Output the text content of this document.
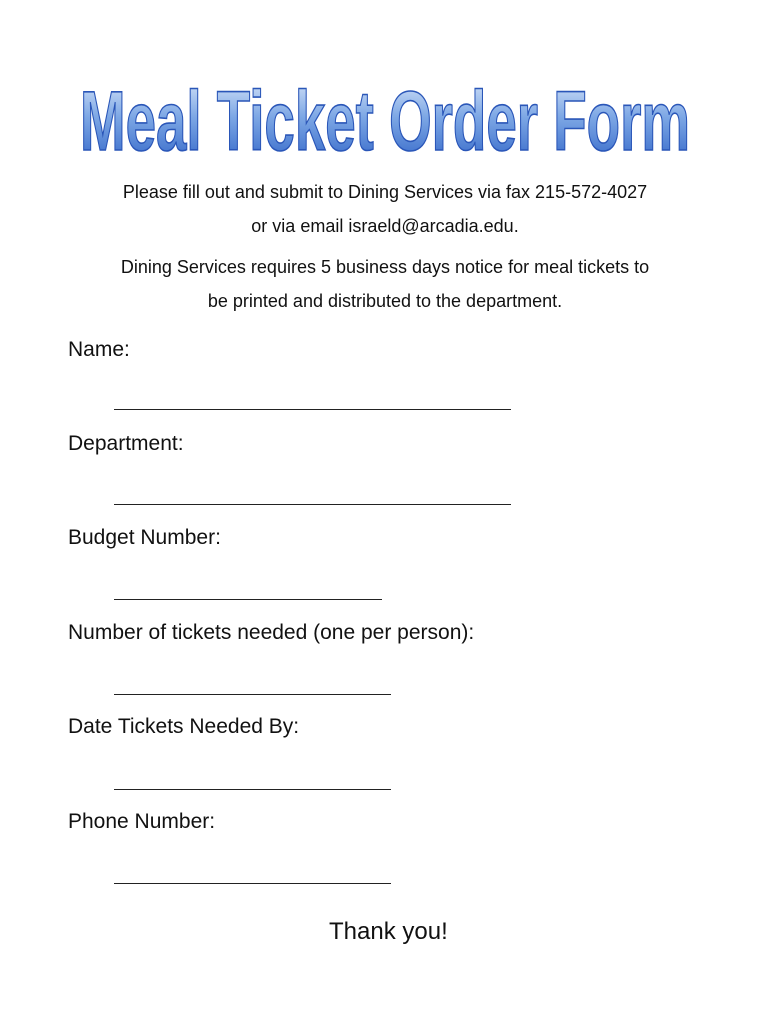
Meal Ticket Order Form
Please fill out and submit to Dining Services via fax 215-572-4027
or via email israeld@arcadia.edu.
Dining Services requires 5 business days notice for meal tickets to
be printed and distributed to the department.
Name:
Department:
Budget Number:
Number of tickets needed (one per person):
Date Tickets Needed By:
Phone Number:
Thank you!
